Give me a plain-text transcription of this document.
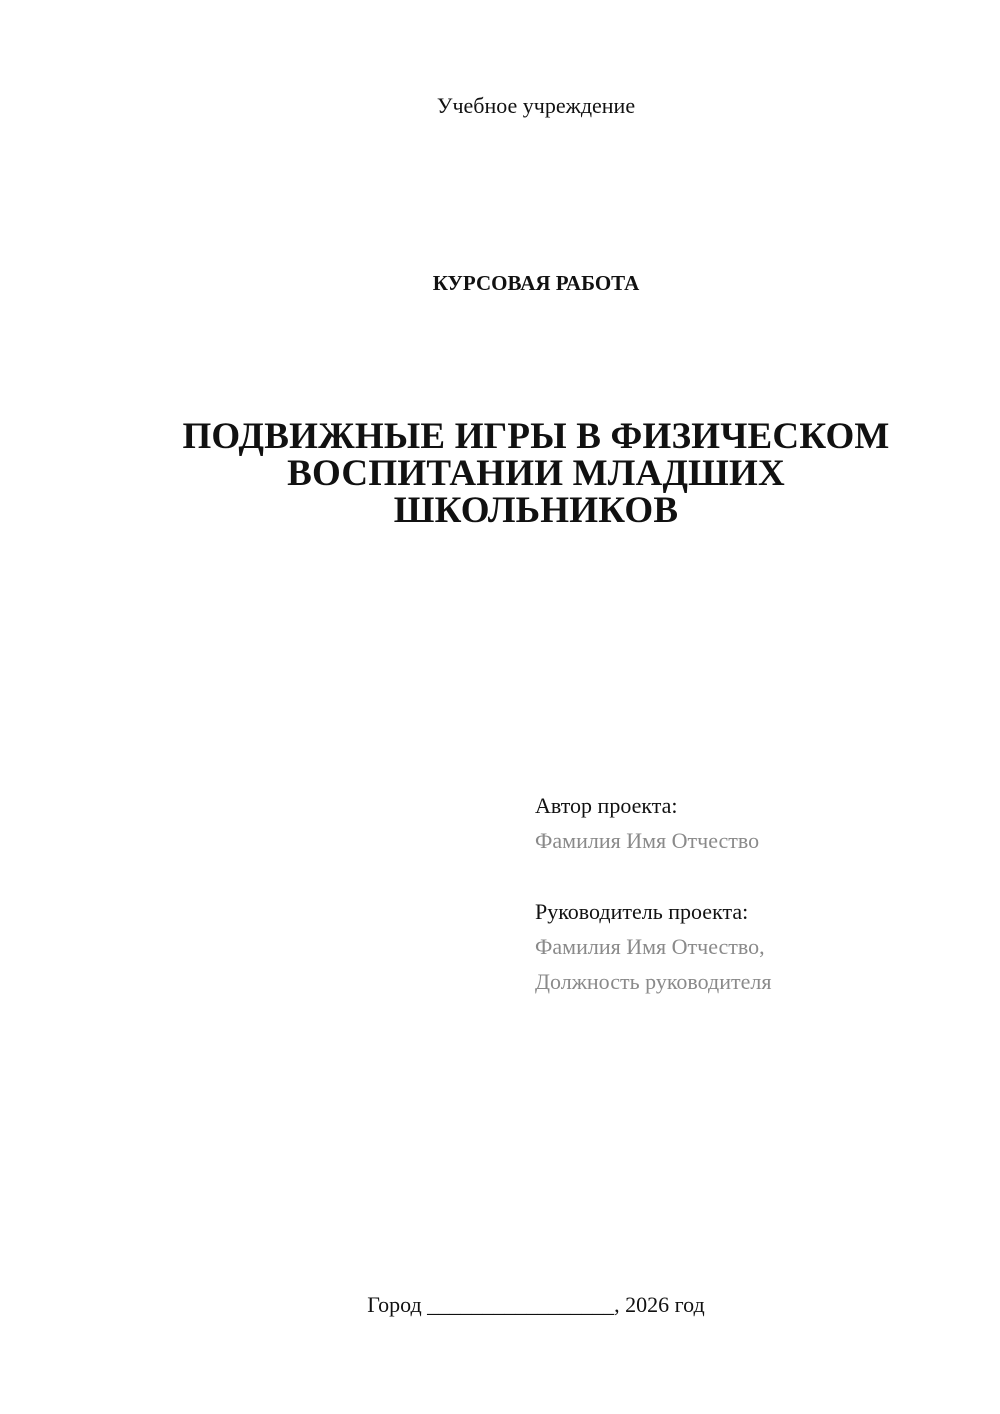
Учебное учреждение
КУРСОВАЯ РАБОТА
ПОДВИЖНЫЕ ИГРЫ В ФИЗИЧЕСКОМ
ВОСПИТАНИИ МЛАДШИХ
ШКОЛЬНИКОВ
Автор проекта:
Фамилия Имя Отчество
Руководитель проекта:
Фамилия Имя Отчество,
Должность руководителя
Город _________________, 2026 год
